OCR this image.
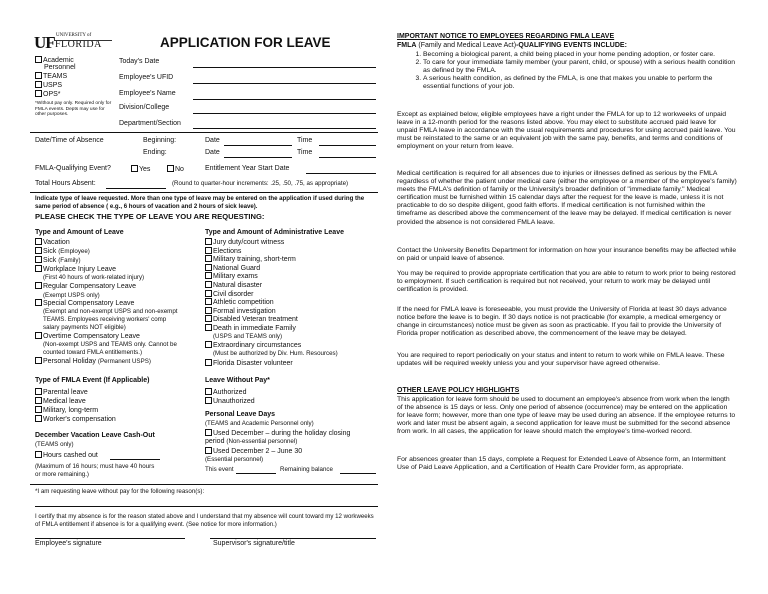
UF UNIVERSITY of
FLORIDA	APPLICATION FOR LEAVE
Academic
Personnel
TEAMS
USPS
OPS*
*Without pay only. Required only for FMLA events. Depts may use for other purposes.
Today's Date
Employee's UFID
Employee's Name
Division/College
Department/Section
Date/Time of Absence	Beginning:	Date	Time
Ending:	Date	Time
FMLA-Qualifying Event?	Yes	No	Entitlement Year Start Date
Total Hours Absent:	(Round to quarter-hour increments: .25, .50, .75, as appropriate)
Indicate type of leave requested. More than one type of leave may be entered on the application if used during the same period of absence ( e.g., 6 hours of vacation and 2 hours of sick leave).
PLEASE CHECK THE TYPE OF LEAVE YOU ARE REQUESTING:
Type and Amount of Leave
Vacation
Sick (Employee)
Sick (Family)
Workplace Injury Leave
(First 40 hours of work-related injury)
Regular Compensatory Leave
(Exempt USPS only)
Special Compensatory Leave
(Exempt and non-exempt USPS and non-exempt
TEAMS. Employees receiving workers' comp
salary payments NOT eligible)
Overtime Compensatory Leave
(Non-exempt USPS and TEAMS only. Cannot be
counted toward FMLA entitlements.)
Personal Holiday (Permanent USPS)
Parental leave
Medical leave
Military, long-term
Worker's compensation
Type of FMLA Event (If Applicable)
December Vacation Leave Cash-Out
(TEAMS only)
Hours cashed out
(Maximum of 16 hours; must have 40 hours
or more remaining.)
Type and Amount of Administrative Leave
Jury duty/court witness
Elections
Military training, short-term
National Guard
Military exams
Natural disaster
Civil disorder
Athletic competition
Formal investigation
Disabled Veteran treatment
Death in immediate Family
(USPS and TEAMS only)
Extraordinary circumstances
(Must be authorized by Div. Hum. Resources)
Florida Disaster volunteer
Authorized
Unauthorized
Leave Without Pay*
Personal Leave Days
(TEAMS and Academic Personnel only)
Used December – during the holiday closing
period (Non-essential personnel)
Used December 2 – June 30
(Essential personnel)
This event	Remaining balance
*I am requesting leave without pay for the following reason(s):
I certify that my absence is for the reason stated above and I understand that my absence will count toward my 12 workweeks of FMLA entitlement if absence is for a qualifying event. (See notice for more information.)
Employee's signature	Supervisor's signature/title
IMPORTANT NOTICE TO EMPLOYEES REGARDING FMLA LEAVE
FMLA (Family and Medical Leave Act)-QUALIFYING EVENTS INCLUDE:
1. Becoming a biological parent, a child being placed in your home pending adoption, or foster care.
2. To care for your immediate family member (your parent, child, or spouse) with a serious health condition as defined by the FMLA.
3. A serious health condition, as defined by the FMLA, is one that makes you unable to perform the essential functions of your job.
Except as explained below, eligible employees have a right under the FMLA for up to 12 workweeks of unpaid leave in a 12-month period for the reasons listed above. You may elect to substitute accrued paid leave for unpaid FMLA leave in accordance with the usual requirements and procedures for using accrued paid leave. You must be reinstated to the same or an equivalent job with the same pay, benefits, and terms and conditions of employment on your return from leave.
Medical certification is required for all absences due to injuries or illnesses defined as serious by the FMLA regardless of whether the patient under medical care (either the employee or a member of the employee's family) meets the FMLA's definition of family or the University's broader definition of "immediate family." Medical certification must be furnished within 15 calendar days after the request for the leave is made, unless it is not practicable to do so despite diligent, good faith efforts. If medical certification is not furnished within the timeframe as described above the commencement of the leave may be delayed. If medical certification is never provided the absence is not considered FMLA leave.
Contact the University Benefits Department for information on how your insurance benefits may be affected while on paid or unpaid leave of absence.
You may be required to provide appropriate certification that you are able to return to work prior to being restored to employment. If such certification is required but not received, your return to work may be delayed until certification is provided.
If the need for FMLA leave is foreseeable, you must provide the University of Florida at least 30 days advance notice before the leave is to begin. If 30 days notice is not practicable (for example, a medical emergency or change in circumstances) notice must be given as soon as practicable. If you fail to provide the University of Florida proper notification as described above, the commencement of the leave may be delayed.
You are required to report periodically on your status and intent to return to work while on FMLA leave. These updates will be required weekly unless you and your supervisor have agreed otherwise.
OTHER LEAVE POLICY HIGHLIGHTS
This application for leave form should be used to document an employee's absence from work when the length of the absence is 15 days or less. Only one period of absence (occurrence) may be entered on the application for leave form; however, more than one type of leave may be used during an absence. If the employee returns to work and later must be absent again, a second application for leave must be submitted for the second absence from work. In all cases, the application for leave should match the employee's time-worked record.
For absences greater than 15 days, complete a Request for Extended Leave of Absence form, an Intermittent Use of Paid Leave Application, and a Certification of Health Care Provider form, as appropriate.
